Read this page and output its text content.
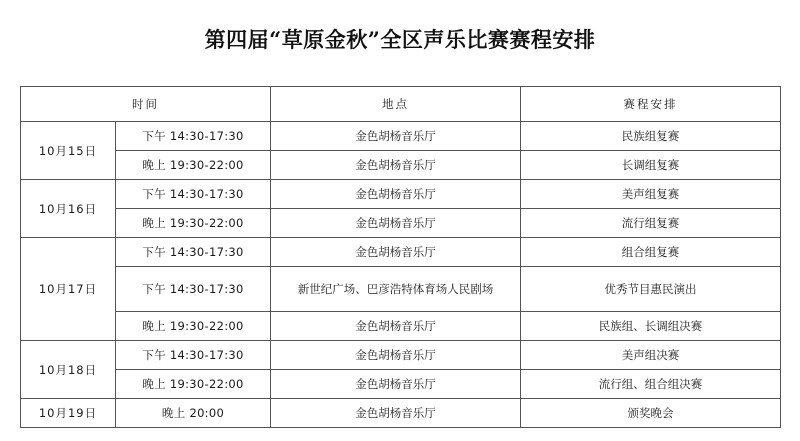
第四届“草原金秋”全区声乐比赛赛程安排
时间		地点	赛程安排
10月15日	下午 14:30-17:30	金色胡杨音乐厅	民族组复赛
	晚上 19:30-22:00	金色胡杨音乐厅	长调组复赛
10月16日	下午 14:30-17:30	金色胡杨音乐厅	美声组复赛
	晚上 19:30-22:00	金色胡杨音乐厅	流行组复赛
10月17日	下午 14:30-17:30	金色胡杨音乐厅	组合组复赛
	下午 14:30-17:30	新世纪广场、巴彦浩特体育场人民剧场	优秀节目惠民演出
	晚上 19:30-22:00	金色胡杨音乐厅	民族组、长调组决赛
10月18日	下午 14:30-17:30	金色胡杨音乐厅	美声组决赛
	晚上 19:30-22:00	金色胡杨音乐厅	流行组、组合组决赛
10月19日	晚上 20:00	金色胡杨音乐厅	颁奖晚会
